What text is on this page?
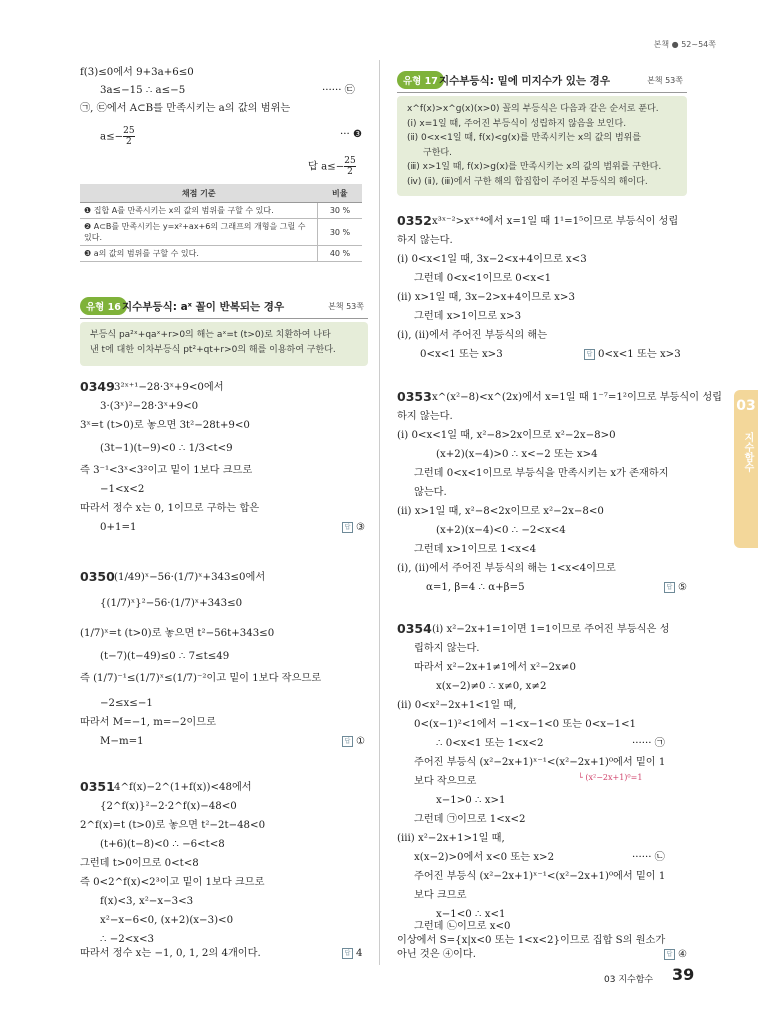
본책 ● 52~54쪽
03
지수함수
f(3)≤0에서 9+3a+6≤0
3a≤−15 ∴ a≤−5	······ ㉢
㉠, ㉢에서 A⊂B를 만족시키는 a의 값의 범위는
$a\le- \frac{25}{2}$	··· ❸
답 $a\le- \frac{25}{2}$
채점 기준	비율
❶ 집합 A를 만족시키는 x의 값의 범위를 구할 수 있다.	30 %
❷ A⊂B를 만족시키는 y=x²+ax+6의 그래프의 개형을 그릴 수 있다.	30 %
❸ a의 값의 범위를 구할 수 있다.	40 %
유형 16 지수부등식: aˣ 꼴이 반복되는 경우	본책 53쪽
부등식 pa²ˣ+qaˣ+r>0의 해는 aˣ=t (t>0)로 치환하여 나타
낸 t에 대한 이차부등식 pt²+qt+r>0의 해를 이용하여 구한다.
0349 3²ˣ⁺¹−28·3ˣ+9<0에서
3·(3ˣ)²−28·3ˣ+9<0
3ˣ=t (t>0)로 놓으면 3t²−28t+9<0
(3t−1)(t−9)<0 ∴ 1/3<t<9
즉 3⁻¹<3ˣ<3²이고 밑이 1보다 크므로
−1<x<2
따라서 정수 x는 0, 1이므로 구하는 합은
0+1=1	답 ③
0350 (1/49)ˣ−56·(1/7)ˣ+343≤0에서
{(1/7)ˣ}²−56·(1/7)ˣ+343≤0
(1/7)ˣ=t (t>0)로 놓으면 t²−56t+343≤0
(t−7)(t−49)≤0 ∴ 7≤t≤49
즉 (1/7)⁻¹≤(1/7)ˣ≤(1/7)⁻²이고 밑이 1보다 작으므로
−2≤x≤−1
따라서 M=−1, m=−2이므로
M−m=1	답 ①
0351 4^f(x)−2^(1+f(x))<48에서
{2^f(x)}²−2·2^f(x)−48<0
2^f(x)=t (t>0)로 놓으면 t²−2t−48<0
(t+6)(t−8)<0 ∴ −6<t<8
그런데 t>0이므로 0<t<8
즉 0<2^f(x)<2³이고 밑이 1보다 크므로
f(x)<3, x²−x−3<3
x²−x−6<0, (x+2)(x−3)<0
∴ −2<x<3
따라서 정수 x는 −1, 0, 1, 2의 4개이다.	답 4
유형 17 지수부등식: 밑에 미지수가 있는 경우	본책 53쪽
x^f(x)>x^g(x)(x>0) 꼴의 부등식은 다음과 같은 순서로 푼다.
(ⅰ) x=1일 때, 주어진 부등식이 성립하지 않음을 보인다.
(ⅱ) 0<x<1일 때, f(x)<g(x)를 만족시키는 x의 값의 범위를
구한다.
(ⅲ) x>1일 때, f(x)>g(x)를 만족시키는 x의 값의 범위를 구한다.
(ⅳ) (ⅱ), (ⅲ)에서 구한 해의 합집합이 주어진 부등식의 해이다.
0352 x³ˣ⁻²>xˣ⁺⁴에서 x=1일 때 1¹=1⁵이므로 부등식이 성립
하지 않는다.
(ⅰ) 0<x<1일 때, 3x−2<x+4이므로 x<3
그런데 0<x<1이므로 0<x<1
(ⅱ) x>1일 때, 3x−2>x+4이므로 x>3
그런데 x>1이므로 x>3
(ⅰ), (ⅱ)에서 주어진 부등식의 해는
0<x<1 또는 x>3	답 0<x<1 또는 x>3
0353 x^(x²−8)<x^(2x)에서 x=1일 때 1⁻⁷=1²이므로 부등식이 성립
하지 않는다.
(ⅰ) 0<x<1일 때, x²−8>2x이므로 x²−2x−8>0
(x+2)(x−4)>0 ∴ x<−2 또는 x>4
그런데 0<x<1이므로 부등식을 만족시키는 x가 존재하지
않는다.
(ⅱ) x>1일 때, x²−8<2x이므로 x²−2x−8<0
(x+2)(x−4)<0 ∴ −2<x<4
그런데 x>1이므로 1<x<4
(ⅰ), (ⅱ)에서 주어진 부등식의 해는 1<x<4이므로
α=1, β=4 ∴ α+β=5	답 ⑤
0354 (ⅰ) x²−2x+1=1이면 1=1이므로 주어진 부등식은 성
립하지 않는다.
따라서 x²−2x+1≠1에서 x²−2x≠0
x(x−2)≠0 ∴ x≠0, x≠2
(ⅱ) 0<x²−2x+1<1일 때,
0<(x−1)²<1에서 −1<x−1<0 또는 0<x−1<1
∴ 0<x<1 또는 1<x<2	······ ㉠
주어진 부등식 (x²−2x+1)ˣ⁻¹<(x²−2x+1)⁰에서 밑이 1
└ (x²−2x+1)⁰=1
보다 작으므로
x−1>0 ∴ x>1
그런데 ㉠이므로 1<x<2
(ⅲ) x²−2x+1>1일 때,
x(x−2)>0에서 x<0 또는 x>2	······ ㉡
주어진 부등식 (x²−2x+1)ˣ⁻¹<(x²−2x+1)⁰에서 밑이 1
보다 크므로
x−1<0 ∴ x<1
그런데 ㉡이므로 x<0
이상에서 S={x|x<0 또는 1<x<2}이므로 집합 S의 원소가
아닌 것은 ④이다.	답 ④
03 지수함수 39
